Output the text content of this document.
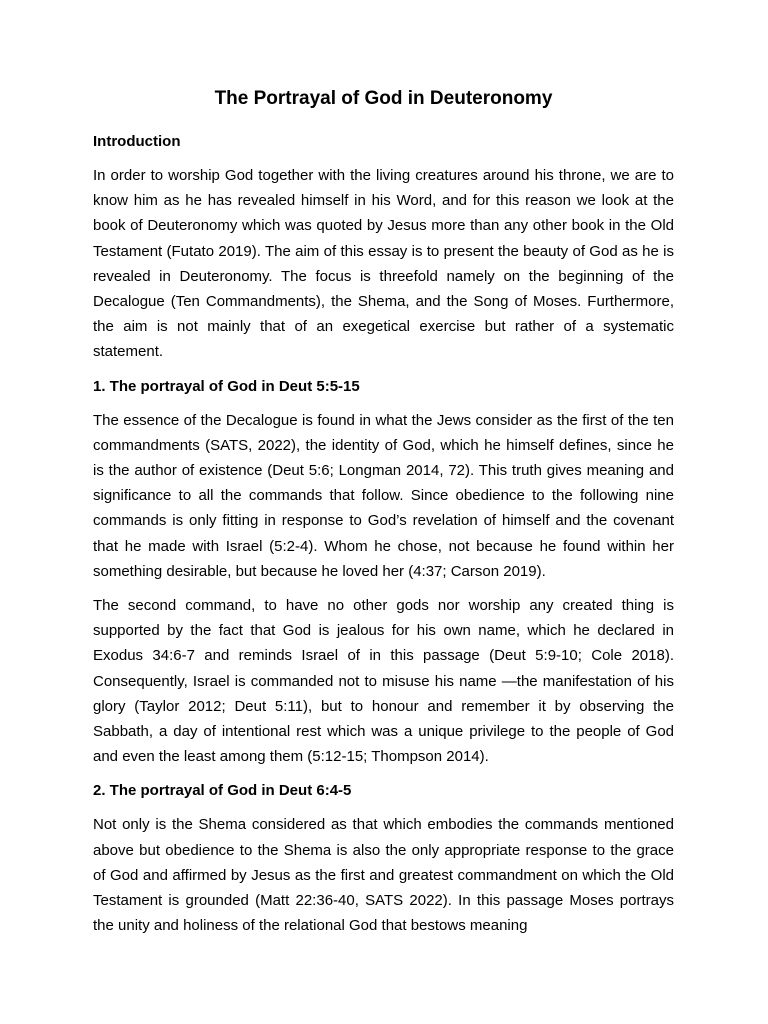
The Portrayal of God in Deuteronomy
Introduction

In order to worship God together with the living creatures around his throne, we are to know him as he has revealed himself in his Word, and for this reason we look at the book of Deuteronomy which was quoted by Jesus more than any other book in the Old Testament (Futato 2019). The aim of this essay is to present the beauty of God as he is revealed in Deuteronomy. The focus is threefold namely on the beginning of the Decalogue (Ten Commandments), the Shema, and the Song of Moses. Furthermore, the aim is not mainly that of an exegetical exercise but rather of a systematic statement.

1. The portrayal of God in Deut 5:5-15

The essence of the Decalogue is found in what the Jews consider as the first of the ten commandments (SATS, 2022), the identity of God, which he himself defines, since he is the author of existence (Deut 5:6; Longman 2014, 72). This truth gives meaning and significance to all the commands that follow. Since obedience to the following nine commands is only fitting in response to God’s revelation of himself and the covenant that he made with Israel (5:2-4). Whom he chose, not because he found within her something desirable, but because he loved her (4:37; Carson 2019).

The second command, to have no other gods nor worship any created thing is supported by the fact that God is jealous for his own name, which he declared in Exodus 34:6-7 and reminds Israel of in this passage (Deut 5:9-10; Cole 2018). Consequently, Israel is commanded not to misuse his name —the manifestation of his glory (Taylor 2012; Deut 5:11), but to honour and remember it by observing the Sabbath, a day of intentional rest which was a unique privilege to the people of God and even the least among them (5:12-15; Thompson 2014).

2. The portrayal of God in Deut 6:4-5

Not only is the Shema considered as that which embodies the commands mentioned above but obedience to the Shema is also the only appropriate response to the grace of God and affirmed by Jesus as the first and greatest commandment on which the Old Testament is grounded (Matt 22:36-40, SATS 2022). In this passage Moses portrays the unity and holiness of the relational God that bestows meaning
